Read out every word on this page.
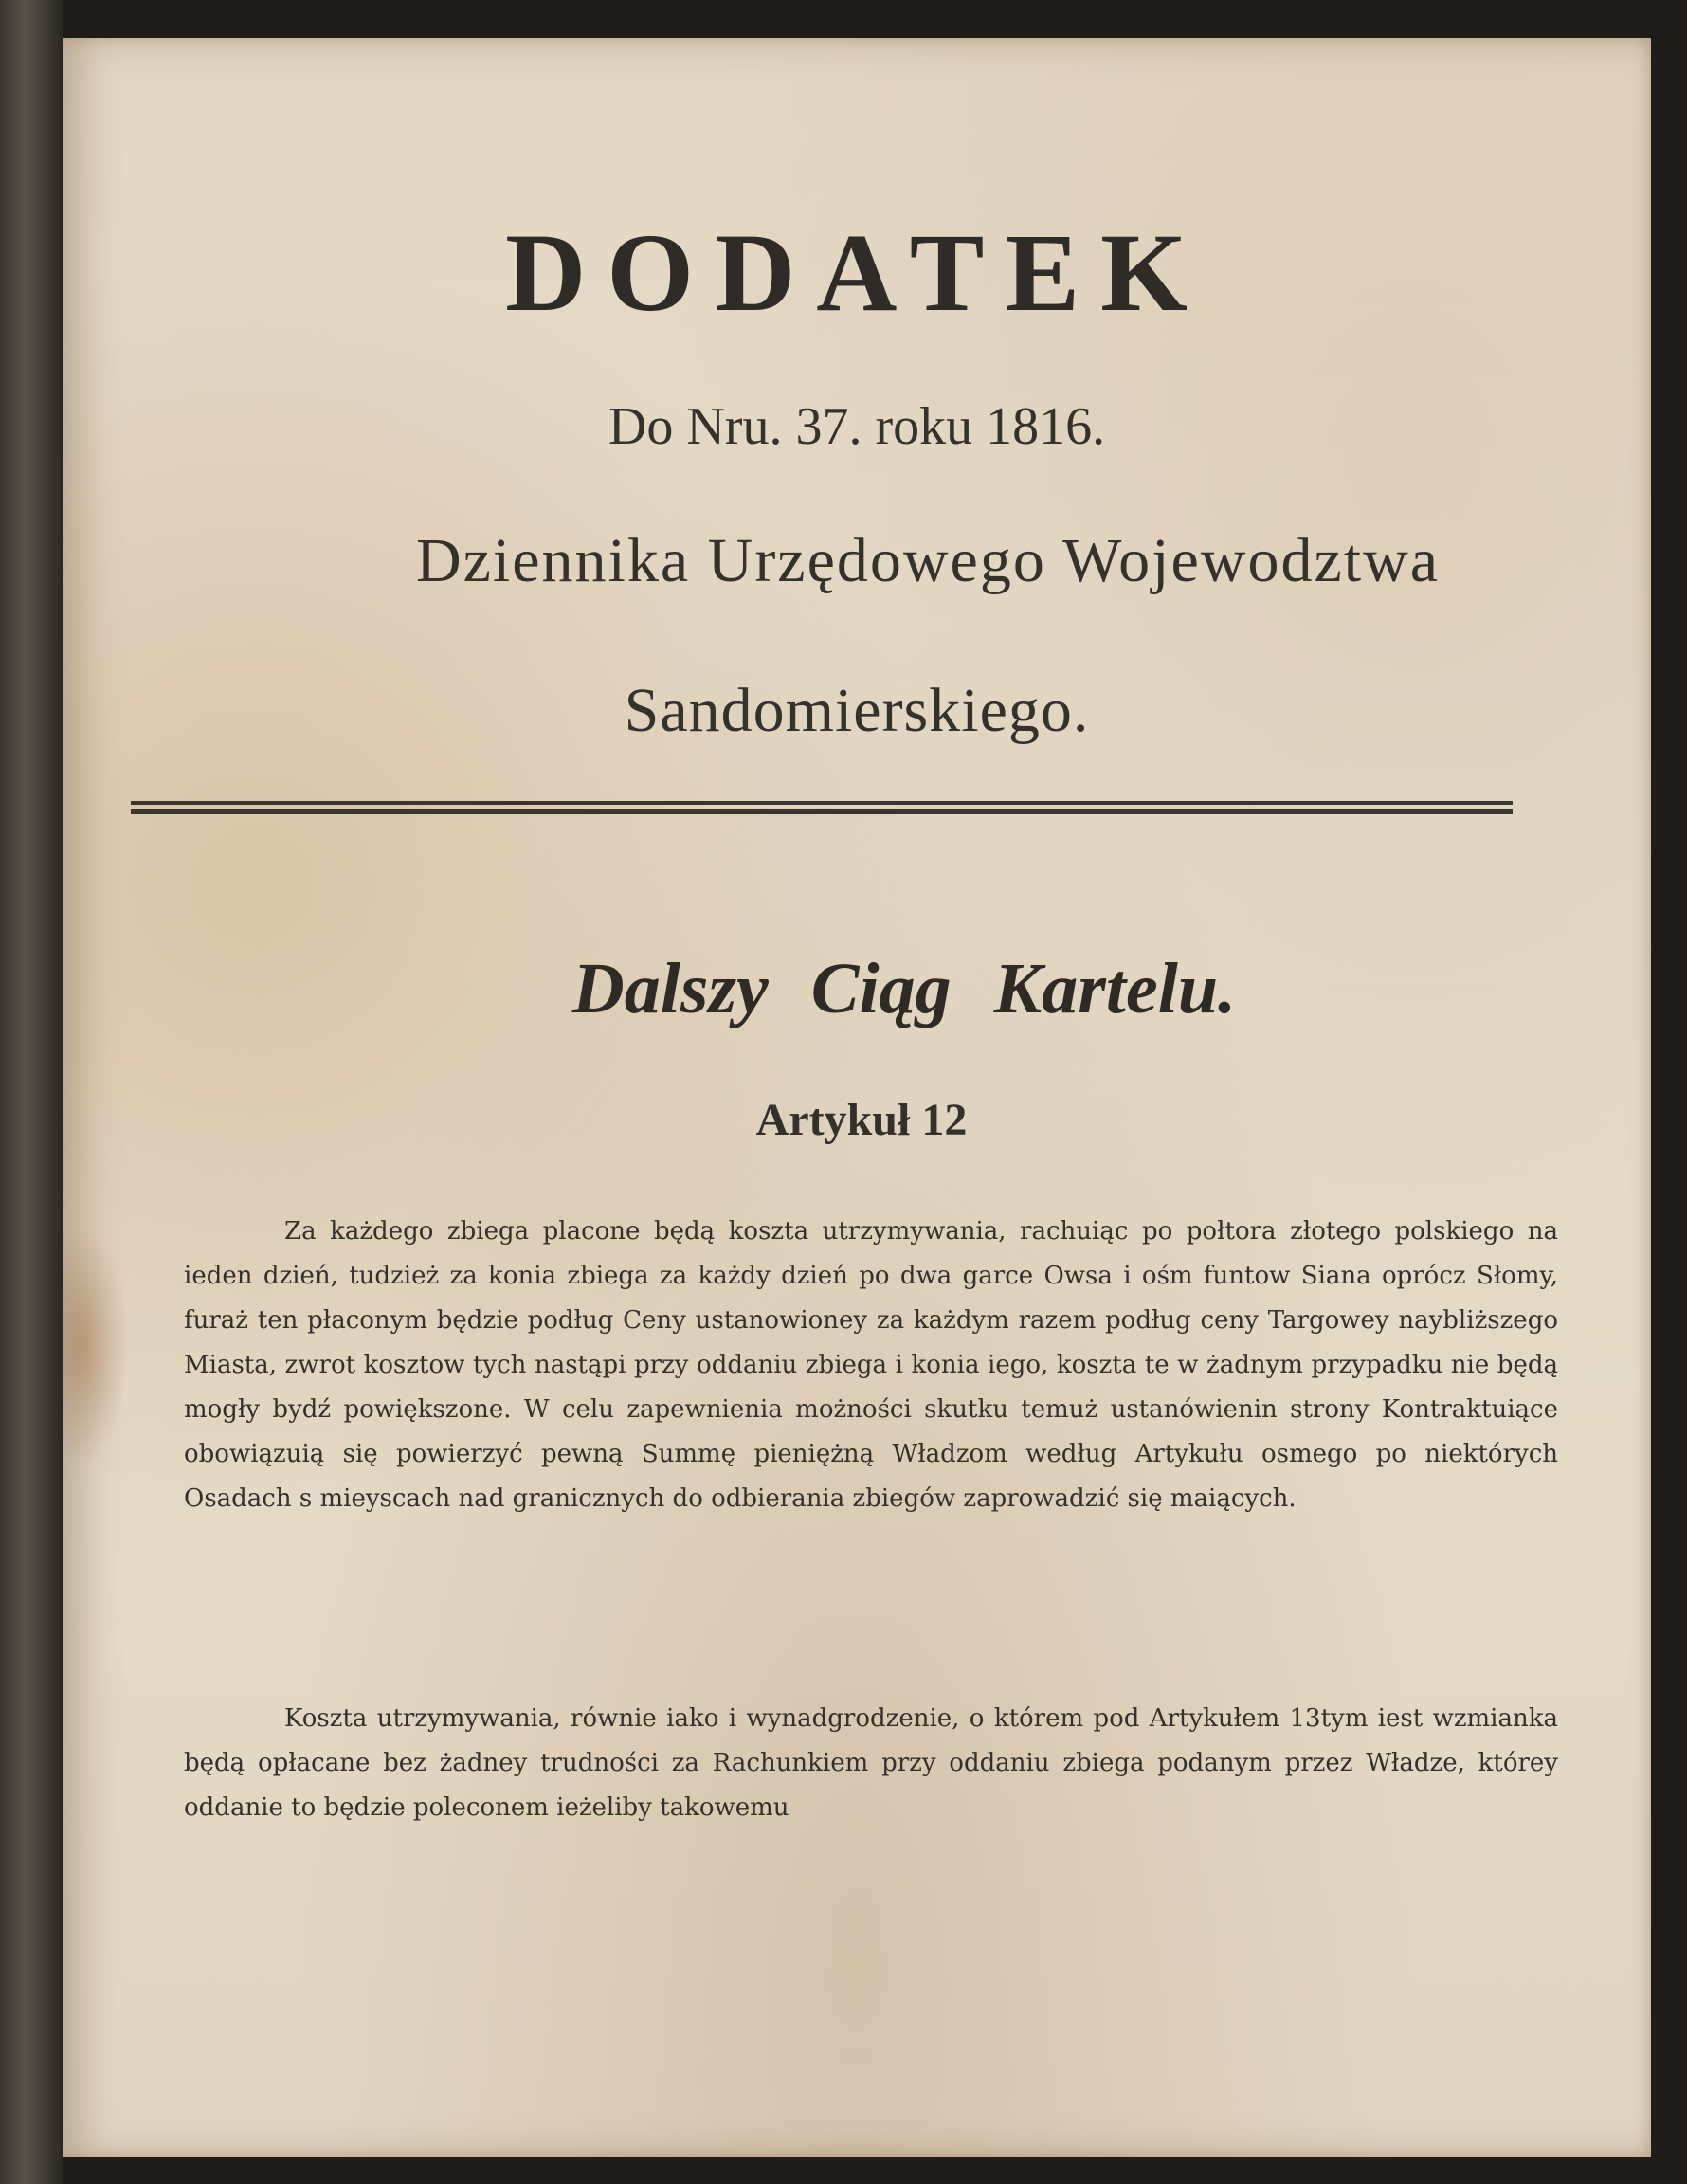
DODATEK

Do Nru. 37. roku 1816.

Dziennika Urzędowego Wojewodztwa

Sandomierskiego.

Dalszy Ciąg Kartelu.
Artykuł 12

Za każdego zbiega placone będą koszta utrzymywania, rachuiąc po połtora złotego polskiego na ieden dzień, tudzież za konia zbiega za każdy dzień po dwa garce Owsa i ośm funtow Siana oprócz Słomy, furaż ten płaconym będzie podług Ceny ustanowioney za każdym razem podług ceny Targowey naybliższego Miasta, zwrot kosztow tych nastąpi przy oddaniu zbiega i konia iego, koszta te w żadnym przypadku nie będą mogły bydź powiększone. W celu zapewnienia możności skutku temuż ustanówienin strony Kontraktuiące obowiązuią się powierzyć pewną Summę pieniężną Władzom według Artykułu osmego po niektórych Osadach s mieyscach nad granicznych do odbierania zbiegów zaprowadzić się maiących.

Koszta utrzymywania, równie iako i wynadgrodzenie, o którem pod Artykułem 13tym iest wzmianka będą opłacane bez żadney trudności za Rachunkiem przy oddaniu zbiega podanym przez Władze, którey oddanie to będzie poleconem ieżeliby takowemu
